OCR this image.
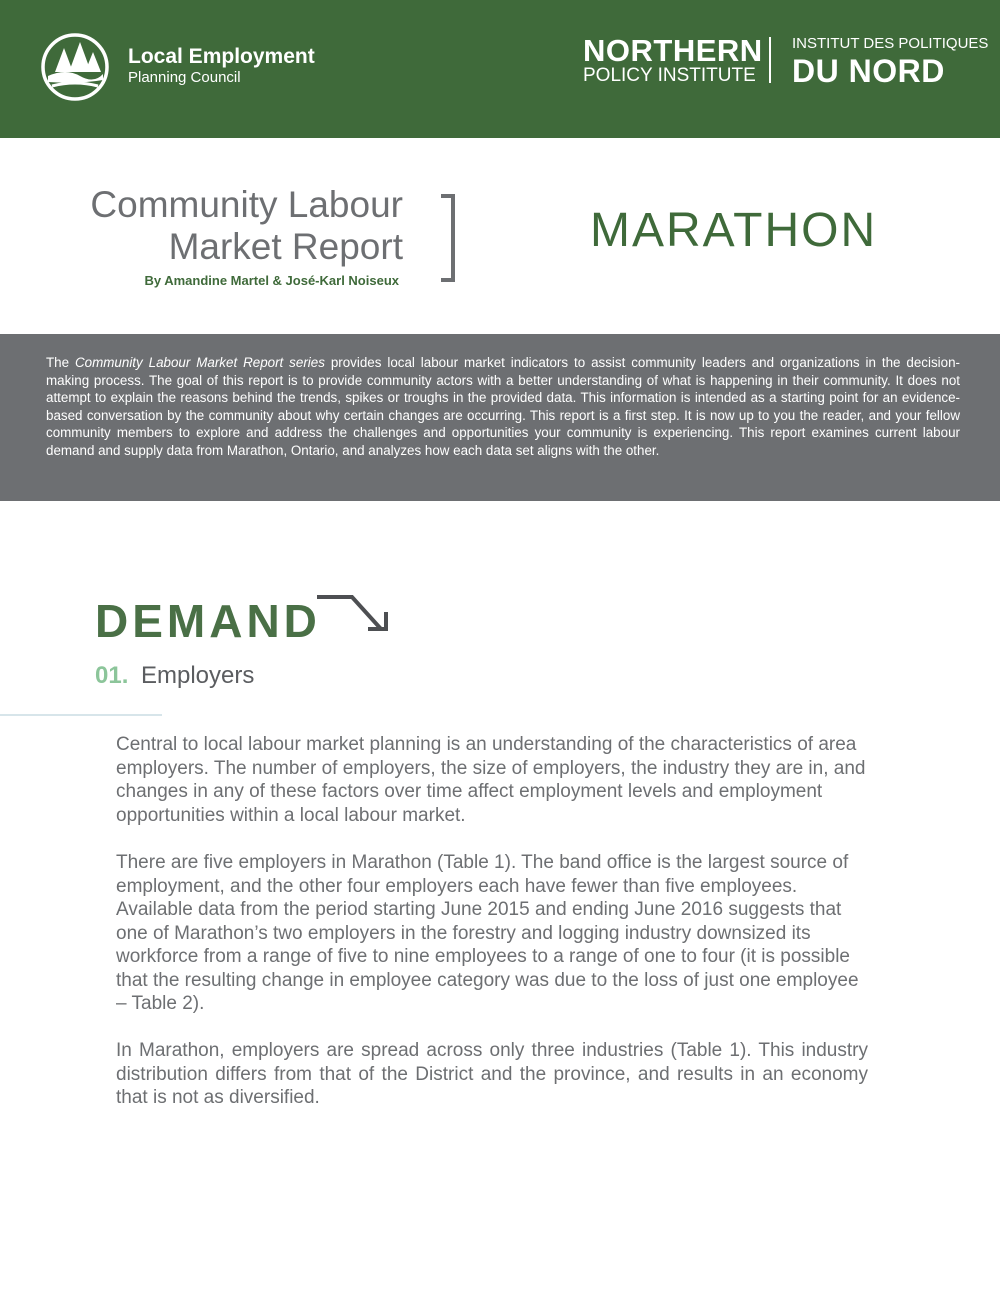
Local Employment
Planning Council
NORTHERN
POLICY INSTITUTE
INSTITUT DES POLITIQUES
DU NORD
Community Labour
Market Report
By Amandine Martel & José-Karl Noiseux
MARATHON

The Community Labour Market Report series provides local labour market indicators to assist community leaders and organizations in the decision-making process. The goal of this report is to provide community actors with a better understanding of what is happening in their community. It does not attempt to explain the reasons behind the trends, spikes or troughs in the provided data. This information is intended as a starting point for an evidence-based conversation by the community about why certain changes are occurring. This report is a first step. It is now up to you the reader, and your fellow community members to explore and address the challenges and opportunities your community is experiencing. This report examines current labour demand and supply data from Marathon, Ontario, and analyzes how each data set aligns with the other.

DEMAND
01. Employers

Central to local labour market planning is an understanding of the characteristics of area employers. The number of employers, the size of employers, the industry they are in, and changes in any of these factors over time affect employment levels and employment opportunities within a local labour market.

There are five employers in Marathon (Table 1). The band office is the largest source of employment, and the other four employers each have fewer than five employees. Available data from the period starting June 2015 and ending June 2016 suggests that one of Marathon’s two employers in the forestry and logging industry downsized its workforce from a range of five to nine employees to a range of one to four (it is possible that the resulting change in employee category was due to the loss of just one employee – Table 2).

In Marathon, employers are spread across only three industries (Table 1). This industry distribution differs from that of the District and the province, and results in an economy that is not as diversified.
